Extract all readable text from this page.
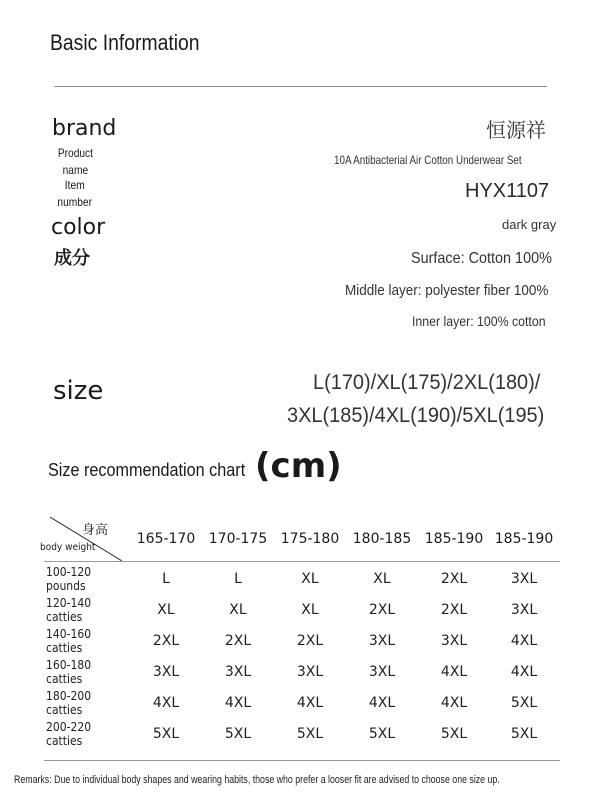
Basic Information
brand	恒源祥
Product
name
10A Antibacterial Air Cotton Underwear Set
Item
number	HYX1107
color	dark gray
成分	Surface: Cotton 100%
Middle layer: polyester fiber 100%
Inner layer: 100% cotton
size	L(170)/XL(175)/2XL(180)/
3XL(185)/4XL(190)/5XL(195)
Size recommendation chart (cm)
身高
body weight	165-170	170-175	175-180	180-185	185-190	185-190
100-120 pounds	L	L	XL	XL	2XL	3XL
120-140 catties	XL	XL	XL	2XL	2XL	3XL
140-160 catties	2XL	2XL	2XL	3XL	3XL	4XL
160-180 catties	3XL	3XL	3XL	3XL	4XL	4XL
180-200 catties	4XL	4XL	4XL	4XL	4XL	5XL
200-220 catties	5XL	5XL	5XL	5XL	5XL	5XL
Remarks: Due to individual body shapes and wearing habits, those who prefer a looser fit are advised to choose one size up.
